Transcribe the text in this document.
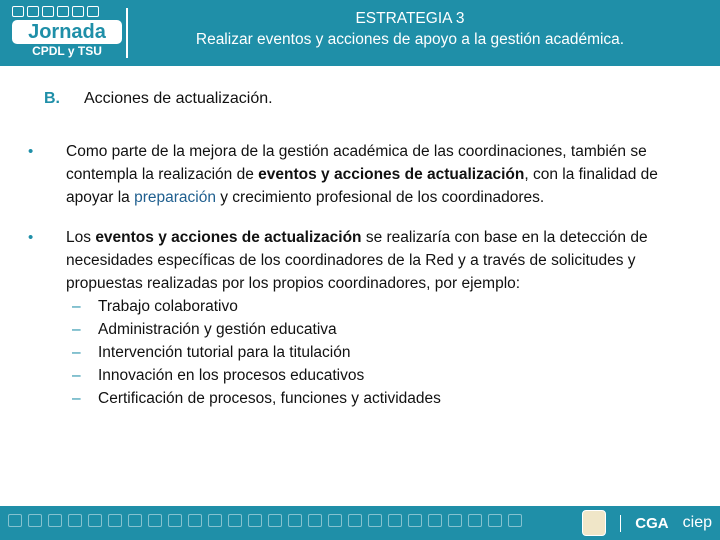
Jornada
CPDL y TSU
ESTRATEGIA 3
Realizar eventos y acciones de apoyo a la gestión académica.
B. Acciones de actualización.
• Como parte de la mejora de la gestión académica de las coordinaciones, también se contempla la realización de eventos y acciones de actualización, con la finalidad de apoyar la preparación y crecimiento profesional de los coordinadores.
• Los eventos y acciones de actualización se realizaría con base en la detección de necesidades específicas de los coordinadores de la Red y a través de solicitudes y propuestas realizadas por los propios coordinadores, por ejemplo:
– Trabajo colaborativo
– Administración y gestión educativa
– Intervención tutorial para la titulación
– Innovación en los procesos educativos
– Certificación de procesos, funciones y actividades
CGA ciep
